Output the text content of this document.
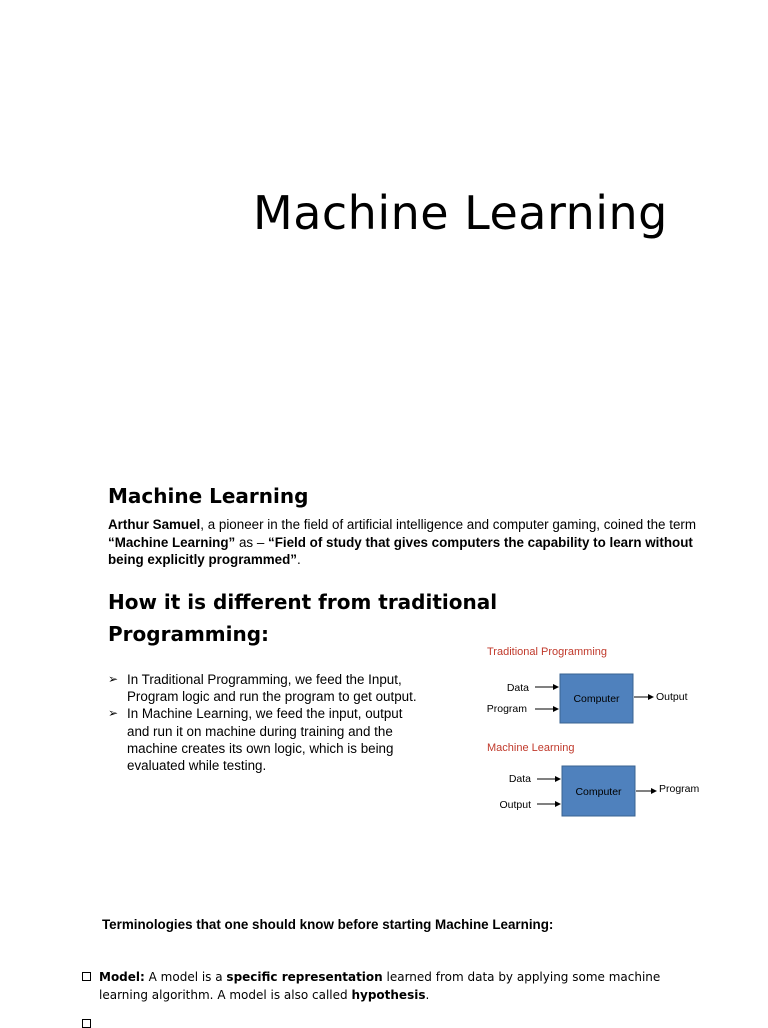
Machine Learning
Machine Learning
Arthur Samuel, a pioneer in the field of artificial intelligence and computer gaming, coined the term “Machine Learning” as – “Field of study that gives computers the capability to learn without being explicitly programmed”.
How it is different from traditional
Programming:
➢ In Traditional Programming, we feed the Input, Program logic and run the program to get output.
➢ In Machine Learning, we feed the input, output and run it on machine during training and the machine creates its own logic, which is being evaluated while testing.
Traditional Programming
Data
Program
Computer	Output
Machine Learning
Data
Output
Computer	Program
Terminologies that one should know before starting Machine Learning:
Model: A model is a specific representation learned from data by applying some machine learning algorithm. A model is also called hypothesis.
